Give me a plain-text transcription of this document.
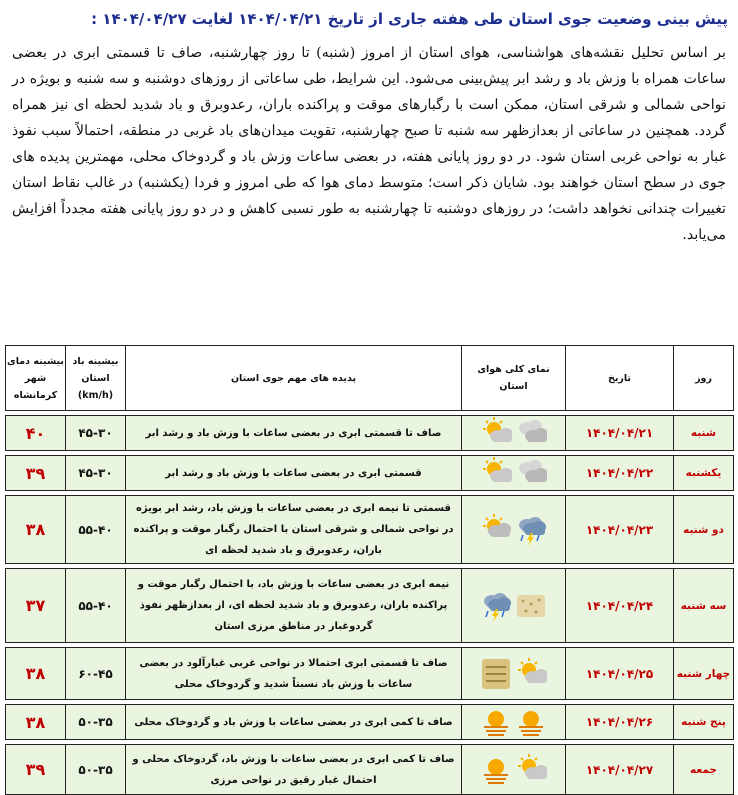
پیش بینی وضعیت جوی استان طی هفته جاری از تاریخ ۱۴۰۴/۰۴/۲۱ لغایت ۱۴۰۴/۰۴/۲۷ :
بر اساس تحلیل نقشه‌های هواشناسی، هوای استان از امروز (شنبه) تا روز چهارشنبه، صاف تا قسمتی ابری در بعضی ساعات همراه با وزش باد و رشد ابر پیش‌بینی می‌شود. این شرایط، طی ساعاتی از روزهای دوشنبه و سه شنبه و بویژه در نواحی شمالی و شرقی استان، ممکن است با رگبارهای موقت و پراکنده باران، رعدوبرق و باد شدید لحظه ای نیز همراه گردد. همچنین در ساعاتی از بعدازظهر سه شنبه تا صبح چهارشنبه، تقویت میدان‌های باد غربی در منطقه، احتمالاً سبب نفوذ غبار به نواحی غربی استان شود. در دو روز پایانی هفته، در بعضی ساعات وزش باد و گردوخاک محلی، مهمترین پدیده های جوی در سطح استان خواهند بود. شایان ذکر است؛ متوسط دمای هوا که طی امروز و فردا (یکشنبه) در غالب نقاط استان تغییرات چندانی نخواهد داشت؛ در روزهای دوشنبه تا چهارشنبه به طور نسبی کاهش و در دو روز پایانی هفته مجدداً افزایش می‌یابد.
روز	تاریخ	نمای کلی هوای استان	پدیده های مهم جوی استان	بیشینه باد استان (km/h)	بیشینه دمای شهر کرمانشاه

شنبه	۱۴۰۴/۰۴/۲۱		صاف تا قسمتی ابری در بعضی ساعات با وزش باد و رشد ابر	۴۵-۳۰	۴۰

یکشنبه	۱۴۰۴/۰۴/۲۲		قسمتی ابری در بعضی ساعات با وزش باد و رشد ابر	۴۵-۳۰	۳۹

دو شنبه	۱۴۰۴/۰۴/۲۳		قسمتی تا نیمه ابری در بعضی ساعات با وزش باد، رشد ابر بویژه در نواحی شمالی و شرقی استان با احتمال رگبار موقت و پراکنده باران، رعدوبرق و باد شدید لحظه ای	۵۵-۴۰	۳۸

سه شنبه	۱۴۰۴/۰۴/۲۴		نیمه ابری در بعضی ساعات با وزش باد، با احتمال رگبار موقت و پراکنده باران، رعدوبرق و باد شدید لحظه ای، از بعدازظهر نفوذ گردوغبار در مناطق مرزی استان	۵۵-۴۰	۳۷

چهار شنبه	۱۴۰۴/۰۴/۲۵		صاف تا قسمتی ابری احتمالا در نواحی غربی غبارآلود در بعضی ساعات با وزش باد نسبتاً شدید و گردوخاک محلی	۶۰-۴۵	۳۸

پنج شنبه	۱۴۰۴/۰۴/۲۶		صاف تا کمی ابری در بعضی ساعات با وزش باد و گردوخاک محلی	۵۰-۳۵	۳۸

جمعه	۱۴۰۴/۰۴/۲۷		صاف تا کمی ابری در بعضی ساعات با وزش باد، گردوخاک محلی و احتمال غبار رقیق در نواحی مرزی	۵۰-۳۵	۳۹
